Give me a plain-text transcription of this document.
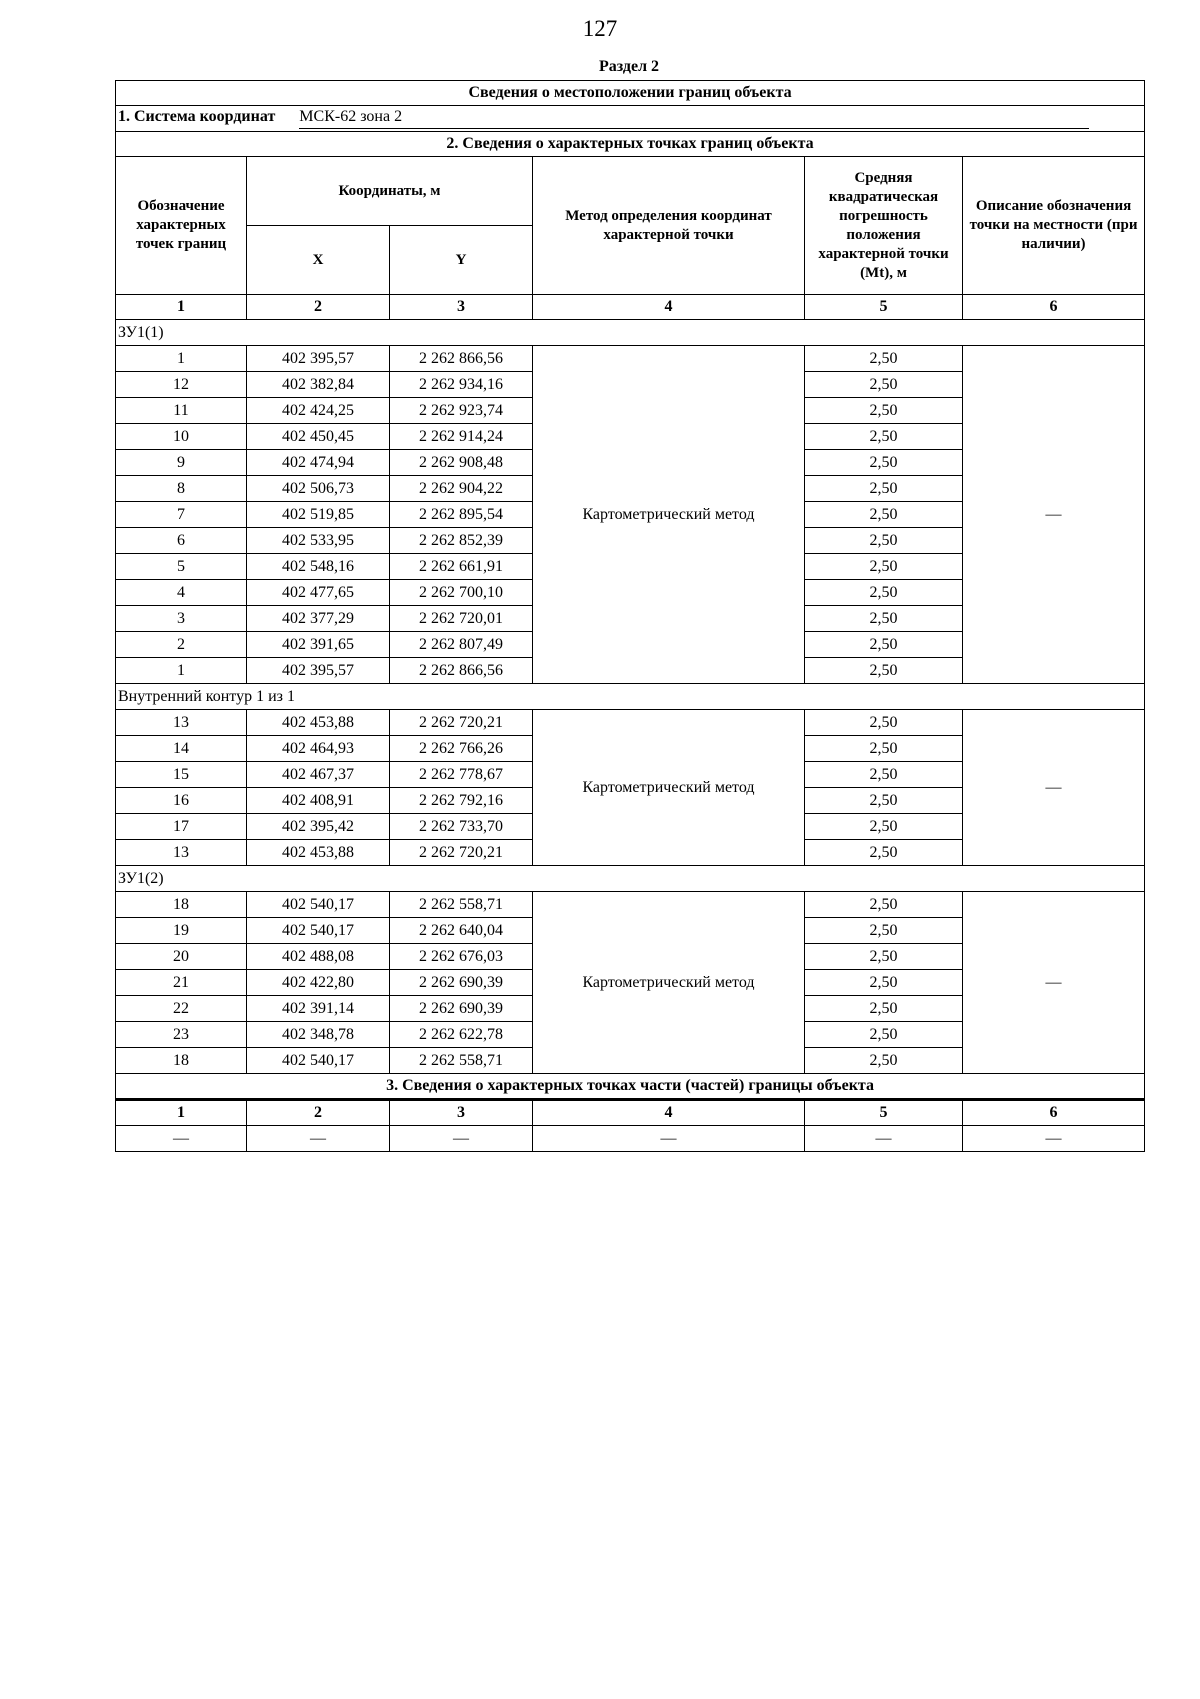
127
Раздел 2
Сведения о местоположении границ объекта					
1. Система координат МСК-62 зона 2					
2. Сведения о характерных точках границ объекта					
Обозначение характерных точек границ	Координаты, м		Метод определения координат характерной точки	Средняя квадратическая погрешность положения характерной точки (Mt), м	Описание обозначения точки на местности (при наличии)
	X	Y			
1	2	3	4	5	6
ЗУ1(1)					
1	402 395,57	2 262 866,56	Картометрический метод	2,50	—
12	402 382,84	2 262 934,16		2,50	
11	402 424,25	2 262 923,74		2,50	
10	402 450,45	2 262 914,24		2,50	
9	402 474,94	2 262 908,48		2,50	
8	402 506,73	2 262 904,22		2,50	
7	402 519,85	2 262 895,54		2,50	
6	402 533,95	2 262 852,39		2,50	
5	402 548,16	2 262 661,91		2,50	
4	402 477,65	2 262 700,10		2,50	
3	402 377,29	2 262 720,01		2,50	
2	402 391,65	2 262 807,49		2,50	
1	402 395,57	2 262 866,56		2,50	
Внутренний контур 1 из 1					
13	402 453,88	2 262 720,21	Картометрический метод	2,50	—
14	402 464,93	2 262 766,26		2,50	
15	402 467,37	2 262 778,67		2,50	
16	402 408,91	2 262 792,16		2,50	
17	402 395,42	2 262 733,70		2,50	
13	402 453,88	2 262 720,21		2,50	
ЗУ1(2)					
18	402 540,17	2 262 558,71	Картометрический метод	2,50	—
19	402 540,17	2 262 640,04		2,50	
20	402 488,08	2 262 676,03		2,50	
21	402 422,80	2 262 690,39		2,50	
22	402 391,14	2 262 690,39		2,50	
23	402 348,78	2 262 622,78		2,50	
18	402 540,17	2 262 558,71		2,50	
3. Сведения о характерных точках части (частей) границы объекта					
1	2	3	4	5	6
—	—	—	—	—	—
